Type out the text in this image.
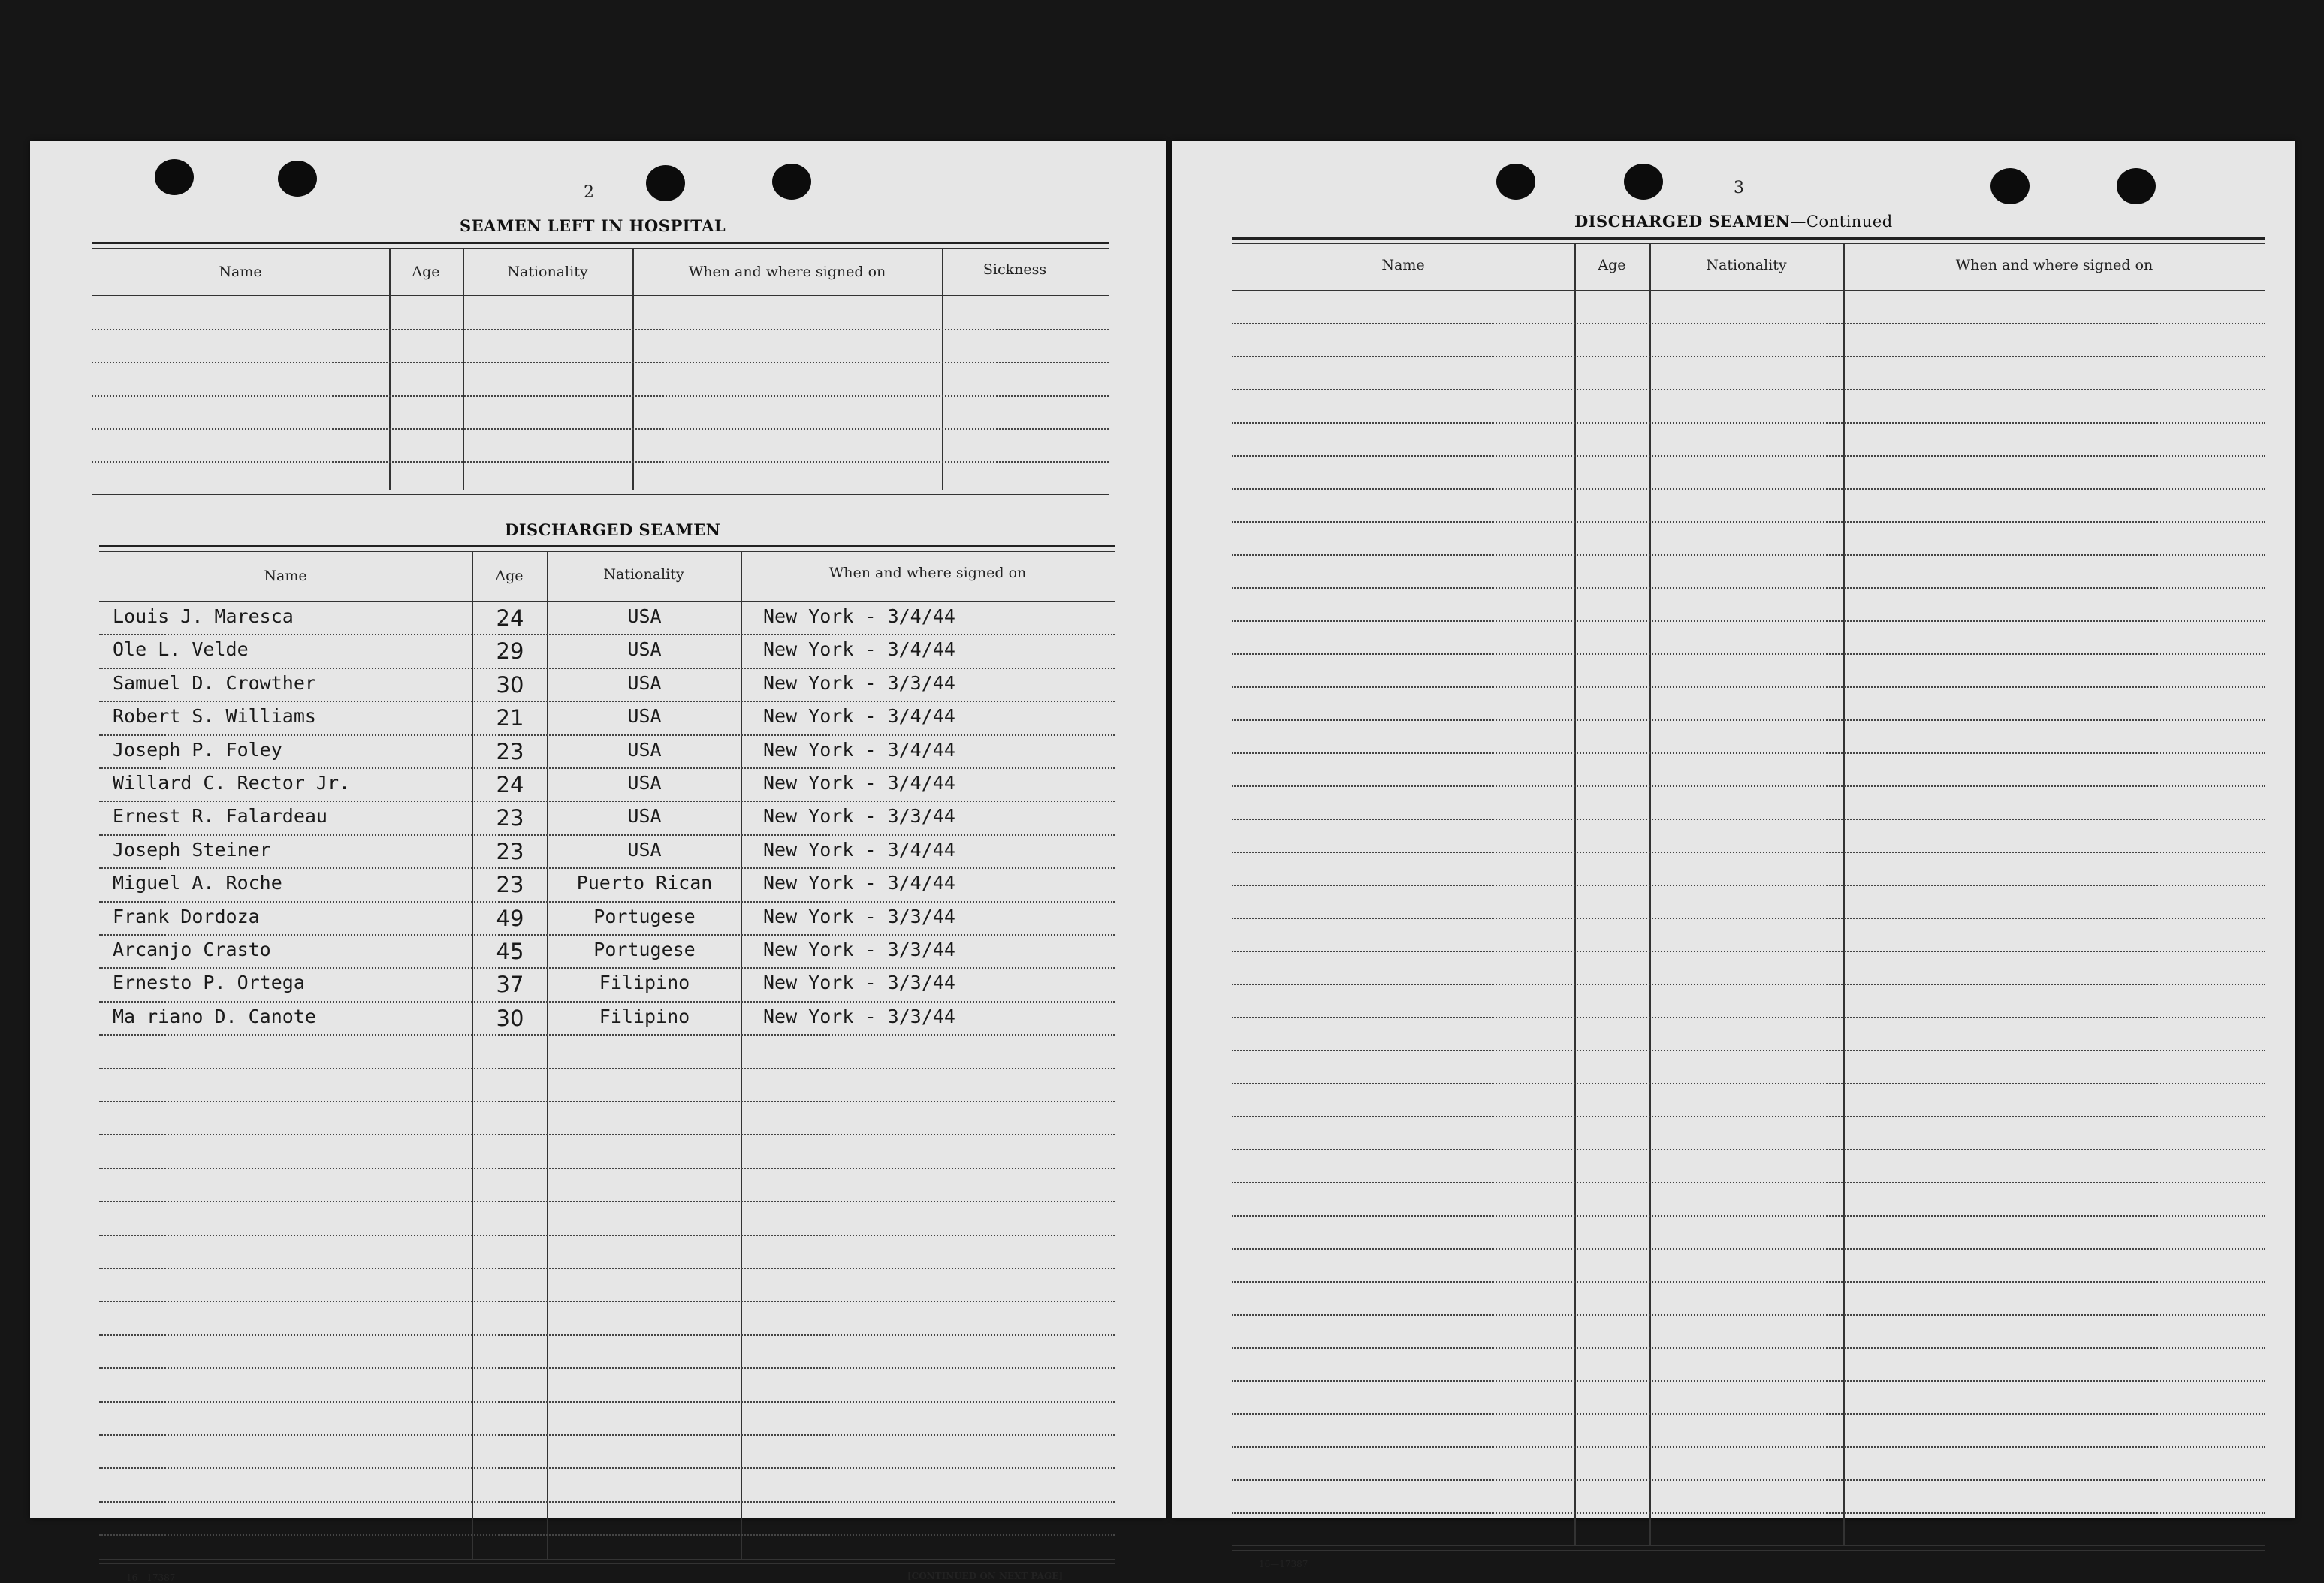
2
SEAMEN LEFT IN HOSPITAL
Name	Age	Nationality	When and where signed on	Sickness
DISCHARGED SEAMEN
Name	Age	Nationality	When and where signed on
Louis J. Maresca	24	USA	New York - 3/4/44
Ole L. Velde	29	USA	New York - 3/4/44
Samuel D. Crowther	30	USA	New York - 3/3/44
Robert S. Williams	21	USA	New York - 3/4/44
Joseph P. Foley	23	USA	New York - 3/4/44
Willard C. Rector Jr.	24	USA	New York - 3/4/44
Ernest R. Falardeau	23	USA	New York - 3/3/44
Joseph Steiner	23	USA	New York - 3/4/44
Miguel A. Roche	23	Puerto Rican	New York - 3/4/44
Frank Dordoza	49	Portugese	New York - 3/3/44
Arcanjo Crasto	45	Portugese	New York - 3/3/44
Ernesto P. Ortega	37	Filipino	New York - 3/3/44
Ma riano D. Canote	30	Filipino	New York - 3/3/44
16—17387	[CONTINUED ON NEXT PAGE]
3
DISCHARGED SEAMEN—Continued
Name	Age	Nationality	When and where signed on
16—17387
